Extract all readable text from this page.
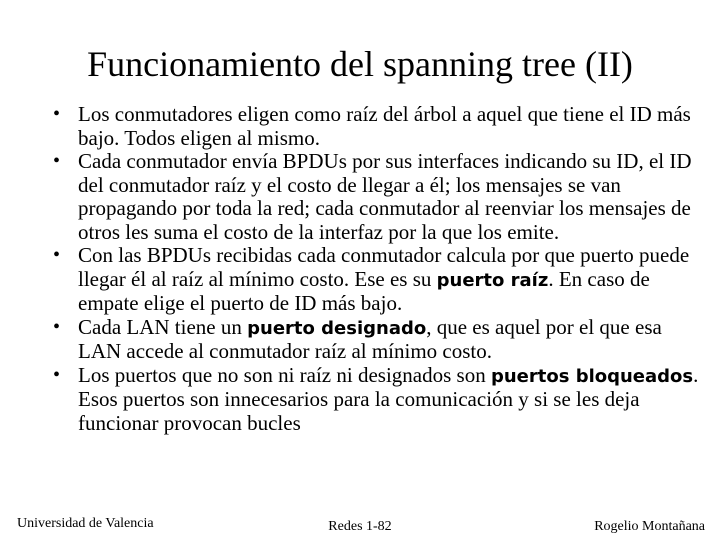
Funcionamiento del spanning tree (II)
• Los conmutadores eligen como raíz del árbol a aquel que tiene el ID más bajo. Todos eligen al mismo.
• Cada conmutador envía BPDUs por sus interfaces indicando su ID, el ID del conmutador raíz y el costo de llegar a él; los mensajes se van propagando por toda la red; cada conmutador al reenviar los mensajes de otros les suma el costo de la interfaz por la que los emite.
• Con las BPDUs recibidas cada conmutador calcula por que puerto puede llegar él al raíz al mínimo costo. Ese es su puerto raíz. En caso de empate elige el puerto de ID más bajo.
• Cada LAN tiene un puerto designado, que es aquel por el que esa LAN accede al conmutador raíz al mínimo costo.
• Los puertos que no son ni raíz ni designados son puertos bloqueados. Esos puertos son innecesarios para la comunicación y si se les deja funcionar provocan bucles
Universidad de Valencia	Redes 1-82	Rogelio Montañana
